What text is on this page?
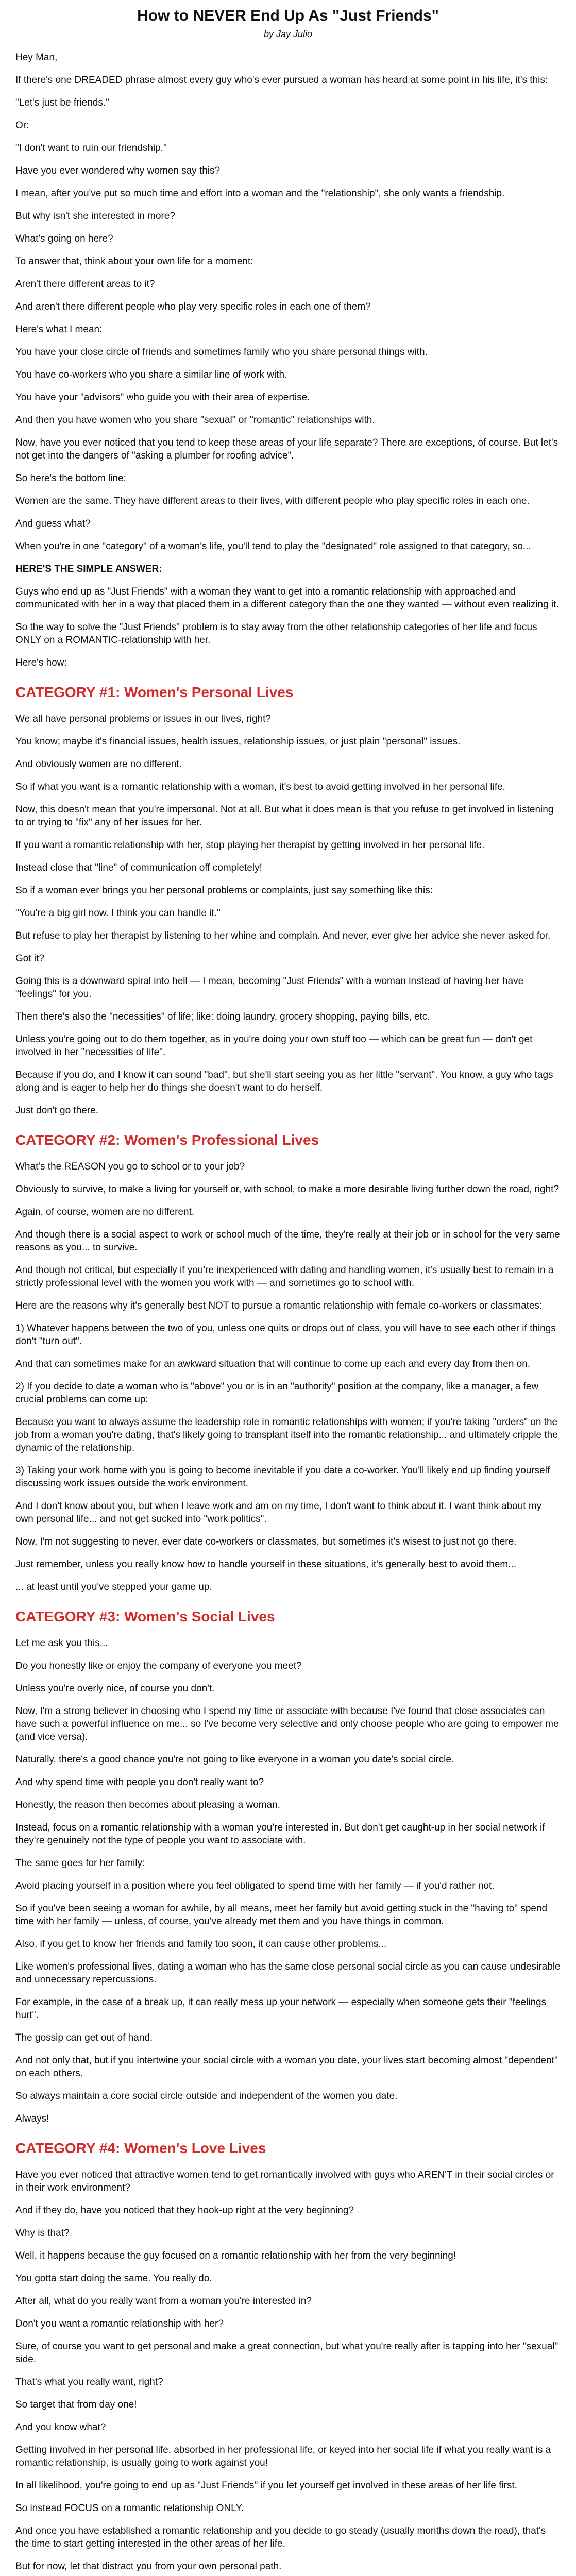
How to NEVER End Up As "Just Friends"
by Jay Julio

Hey Man,

If there's one DREADED phrase almost every guy who's ever pursued a woman has heard at some point in his life, it's this:

"Let's just be friends."

Or:

"I don't want to ruin our friendship."

Have you ever wondered why women say this?

I mean, after you've put so much time and effort into a woman and the "relationship", she only wants a friendship.

But why isn't she interested in more?

What's going on here?

To answer that, think about your own life for a moment:

Aren't there different areas to it?

And aren't there different people who play very specific roles in each one of them?

Here's what I mean:

You have your close circle of friends and sometimes family who you share personal things with.

You have co-workers who you share a similar line of work with.

You have your "advisors" who guide you with their area of expertise.

And then you have women who you share "sexual" or "romantic" relationships with.

Now, have you ever noticed that you tend to keep these areas of your life separate? There are exceptions, of course. But let's not get into the dangers of "asking a plumber for roofing advice".

So here's the bottom line:

Women are the same. They have different areas to their lives, with different people who play specific roles in each one.

And guess what?

When you're in one "category" of a woman's life, you'll tend to play the "designated" role assigned to that category, so...

HERE'S THE SIMPLE ANSWER:

Guys who end up as "Just Friends" with a woman they want to get into a romantic relationship with approached and communicated with her in a way that placed them in a different category than the one they wanted — without even realizing it.

So the way to solve the "Just Friends" problem is to stay away from the other relationship categories of her life and focus ONLY on a ROMANTIC-relationship with her.

Here's how:

CATEGORY #1: Women's Personal Lives

We all have personal problems or issues in our lives, right?

You know; maybe it's financial issues, health issues, relationship issues, or just plain "personal" issues.

And obviously women are no different.

So if what you want is a romantic relationship with a woman, it's best to avoid getting involved in her personal life.

Now, this doesn't mean that you're impersonal. Not at all. But what it does mean is that you refuse to get involved in listening to or trying to "fix" any of her issues for her.

If you want a romantic relationship with her, stop playing her therapist by getting involved in her personal life.

Instead close that "line" of communication off completely!

So if a woman ever brings you her personal problems or complaints, just say something like this:

"You're a big girl now. I think you can handle it."

But refuse to play her therapist by listening to her whine and complain. And never, ever give her advice she never asked for.

Got it?

Going this is a downward spiral into hell — I mean, becoming "Just Friends" with a woman instead of having her have "feelings" for you.

Then there's also the "necessities" of life; like: doing laundry, grocery shopping, paying bills, etc.

Unless you're going out to do them together, as in you're doing your own stuff too — which can be great fun — don't get involved in her "necessities of life".

Because if you do, and I know it can sound "bad", but she'll start seeing you as her little "servant". You know, a guy who tags along and is eager to help her do things she doesn't want to do herself.

Just don't go there.

CATEGORY #2: Women's Professional Lives

What's the REASON you go to school or to your job?

Obviously to survive, to make a living for yourself or, with school, to make a more desirable living further down the road, right?

Again, of course, women are no different.

And though there is a social aspect to work or school much of the time, they're really at their job or in school for the very same reasons as you... to survive.

And though not critical, but especially if you're inexperienced with dating and handling women, it's usually best to remain in a strictly professional level with the women you work with — and sometimes go to school with.

Here are the reasons why it's generally best NOT to pursue a romantic relationship with female co-workers or classmates:

1) Whatever happens between the two of you, unless one quits or drops out of class, you will have to see each other if things don't "turn out".

And that can sometimes make for an awkward situation that will continue to come up each and every day from then on.

2) If you decide to date a woman who is "above" you or is in an "authority" position at the company, like a manager, a few crucial problems can come up:

Because you want to always assume the leadership role in romantic relationships with women; if you're taking "orders" on the job from a woman you're dating, that's likely going to transplant itself into the romantic relationship... and ultimately cripple the dynamic of the relationship.

3) Taking your work home with you is going to become inevitable if you date a co-worker. You'll likely end up finding yourself discussing work issues outside the work environment.

And I don't know about you, but when I leave work and am on my time, I don't want to think about it. I want think about my own personal life... and not get sucked into "work politics".

Now, I'm not suggesting to never, ever date co-workers or classmates, but sometimes it's wisest to just not go there.

Just remember, unless you really know how to handle yourself in these situations, it's generally best to avoid them...

... at least until you've stepped your game up.

CATEGORY #3: Women's Social Lives

Let me ask you this...

Do you honestly like or enjoy the company of everyone you meet?

Unless you're overly nice, of course you don't.

Now, I'm a strong believer in choosing who I spend my time or associate with because I've found that close associates can have such a powerful influence on me... so I've become very selective and only choose people who are going to empower me (and vice versa).

Naturally, there's a good chance you're not going to like everyone in a woman you date's social circle.

And why spend time with people you don't really want to?

Honestly, the reason then becomes about pleasing a woman.

Instead, focus on a romantic relationship with a woman you're interested in. But don't get caught-up in her social network if they're genuinely not the type of people you want to associate with.

The same goes for her family:

Avoid placing yourself in a position where you feel obligated to spend time with her family — if you'd rather not.

So if you've been seeing a woman for awhile, by all means, meet her family but avoid getting stuck in the "having to" spend time with her family — unless, of course, you've already met them and you have things in common.

Also, if you get to know her friends and family too soon, it can cause other problems...

Like women's professional lives, dating a woman who has the same close personal social circle as you can cause undesirable and unnecessary repercussions.

For example, in the case of a break up, it can really mess up your network — especially when someone gets their "feelings hurt".

The gossip can get out of hand.

And not only that, but if you intertwine your social circle with a woman you date, your lives start becoming almost "dependent" on each others.

So always maintain a core social circle outside and independent of the women you date.

Always!

CATEGORY #4: Women's Love Lives

Have you ever noticed that attractive women tend to get romantically involved with guys who AREN'T in their social circles or in their work environment?

And if they do, have you noticed that they hook-up right at the very beginning?

Why is that?

Well, it happens because the guy focused on a romantic relationship with her from the very beginning!

You gotta start doing the same. You really do.

After all, what do you really want from a woman you're interested in?

Don't you want a romantic relationship with her?

Sure, of course you want to get personal and make a great connection, but what you're really after is tapping into her "sexual" side.

That's what you really want, right?

So target that from day one!

And you know what?

Getting involved in her personal life, absorbed in her professional life, or keyed into her social life if what you really want is a romantic relationship, is usually going to work against you!

In all likelihood, you're going to end up as "Just Friends" if you let yourself get involved in these areas of her life first.

So instead FOCUS on a romantic relationship ONLY.

And once you have established a romantic relationship and you decide to go steady (usually months down the road), that's the time to start getting interested in the other areas of her life.

But for now, let that distract you from your own personal path.
